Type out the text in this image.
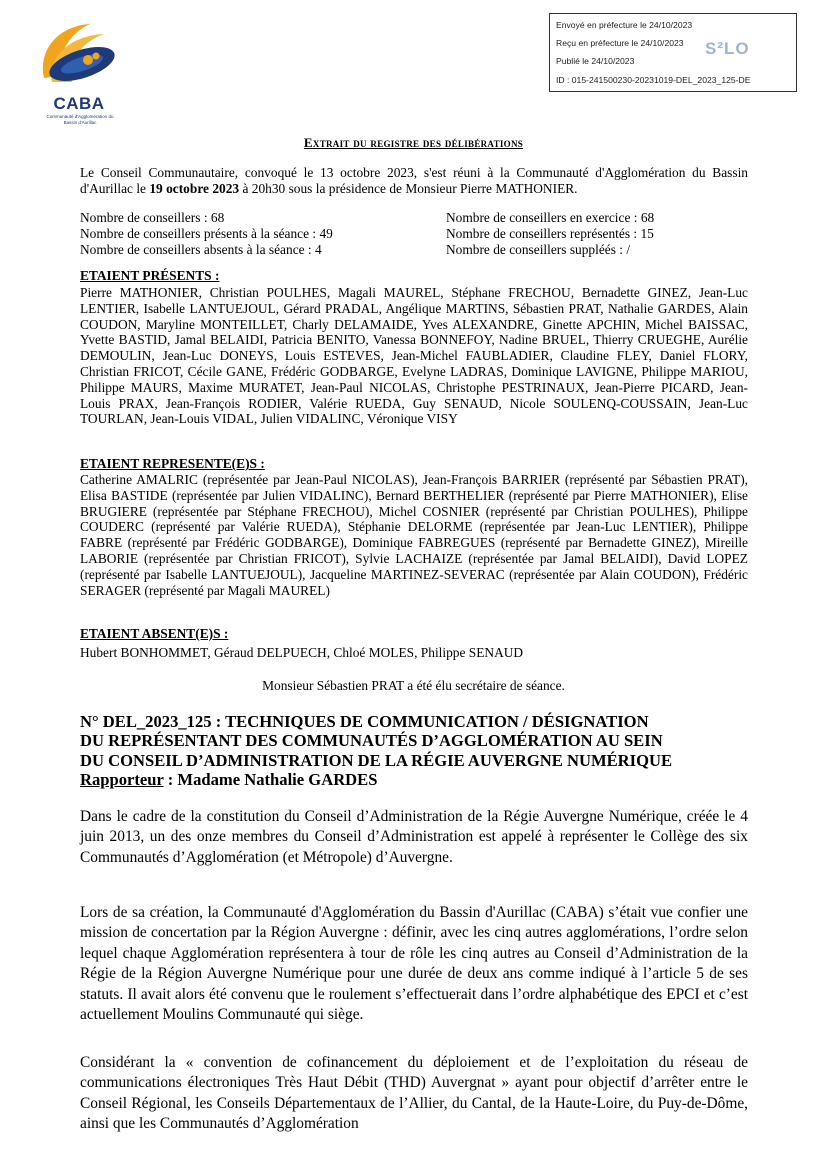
CABA
Communauté d'Agglomération du Bassin d'Aurillac
Envoyé en préfecture le 24/10/2023
Reçu en préfecture le 24/10/2023
Publié le 24/10/2023
ID : 015-241500230-20231019-DEL_2023_125-DE
S²LO
Extrait du registre des délibérations
Le Conseil Communautaire, convoqué le 13 octobre 2023, s'est réuni à la Communauté d'Agglomération du Bassin d'Aurillac le 19 octobre 2023 à 20h30 sous la présidence de Monsieur Pierre MATHONIER.
Nombre de conseillers : 68
Nombre de conseillers présents à la séance : 49
Nombre de conseillers absents à la séance : 4
Nombre de conseillers en exercice : 68
Nombre de conseillers représentés : 15
Nombre de conseillers suppléés : /
ETAIENT PRÉSENTS :
Pierre MATHONIER, Christian POULHES, Magali MAUREL, Stéphane FRECHOU, Bernadette GINEZ, Jean-Luc LENTIER, Isabelle LANTUEJOUL, Gérard PRADAL, Angélique MARTINS, Sébastien PRAT, Nathalie GARDES, Alain COUDON, Maryline MONTEILLET, Charly DELAMAIDE, Yves ALEXANDRE, Ginette APCHIN, Michel BAISSAC, Yvette BASTID, Jamal BELAIDI, Patricia BENITO, Vanessa BONNEFOY, Nadine BRUEL, Thierry CRUEGHE, Aurélie DEMOULIN, Jean-Luc DONEYS, Louis ESTEVES, Jean-Michel FAUBLADIER, Claudine FLEY, Daniel FLORY, Christian FRICOT, Cécile GANE, Frédéric GODBARGE, Evelyne LADRAS, Dominique LAVIGNE, Philippe MARIOU, Philippe MAURS, Maxime MURATET, Jean-Paul NICOLAS, Christophe PESTRINAUX, Jean-Pierre PICARD, Jean-Louis PRAX, Jean-François RODIER, Valérie RUEDA, Guy SENAUD, Nicole SOULENQ-COUSSAIN, Jean-Luc TOURLAN, Jean-Louis VIDAL, Julien VIDALINC, Véronique VISY
ETAIENT REPRESENTE(E)S :
Catherine AMALRIC (représentée par Jean-Paul NICOLAS), Jean-François BARRIER (représenté par Sébastien PRAT), Elisa BASTIDE (représentée par Julien VIDALINC), Bernard BERTHELIER (représenté par Pierre MATHONIER), Elise BRUGIERE (représentée par Stéphane FRECHOU), Michel COSNIER (représenté par Christian POULHES), Philippe COUDERC (représenté par Valérie RUEDA), Stéphanie DELORME (représentée par Jean-Luc LENTIER), Philippe FABRE (représenté par Frédéric GODBARGE), Dominique FABREGUES (représenté par Bernadette GINEZ), Mireille LABORIE (représentée par Christian FRICOT), Sylvie LACHAIZE (représentée par Jamal BELAIDI), David LOPEZ (représenté par Isabelle LANTUEJOUL), Jacqueline MARTINEZ-SEVERAC (représentée par Alain COUDON), Frédéric SERAGER (représenté par Magali MAUREL)
ETAIENT ABSENT(E)S :
Hubert BONHOMMET, Géraud DELPUECH, Chloé MOLES, Philippe SENAUD
Monsieur Sébastien PRAT a été élu secrétaire de séance.
N° DEL_2023_125 : TECHNIQUES DE COMMUNICATION / DÉSIGNATION
DU REPRÉSENTANT DES COMMUNAUTÉS D’AGGLOMÉRATION AU SEIN
DU CONSEIL D’ADMINISTRATION DE LA RÉGIE AUVERGNE NUMÉRIQUE
Rapporteur : Madame Nathalie GARDES
Dans le cadre de la constitution du Conseil d’Administration de la Régie Auvergne Numérique, créée le 4 juin 2013, un des onze membres du Conseil d’Administration est appelé à représenter le Collège des six Communautés d’Agglomération (et Métropole) d’Auvergne.
Lors de sa création, la Communauté d'Agglomération du Bassin d'Aurillac (CABA) s’était vue confier une mission de concertation par la Région Auvergne : définir, avec les cinq autres agglomérations, l’ordre selon lequel chaque Agglomération représentera à tour de rôle les cinq autres au Conseil d’Administration de la Régie de la Région Auvergne Numérique pour une durée de deux ans comme indiqué à l’article 5 de ses statuts. Il avait alors été convenu que le roulement s’effectuerait dans l’ordre alphabétique des EPCI et c’est actuellement Moulins Communauté qui siège.
Considérant la « convention de cofinancement du déploiement et de l’exploitation du réseau de communications électroniques Très Haut Débit (THD) Auvergnat » ayant pour objectif d’arrêter entre le Conseil Régional, les Conseils Départementaux de l’Allier, du Cantal, de la Haute-Loire, du Puy-de-Dôme, ainsi que les Communautés d’Agglomération
